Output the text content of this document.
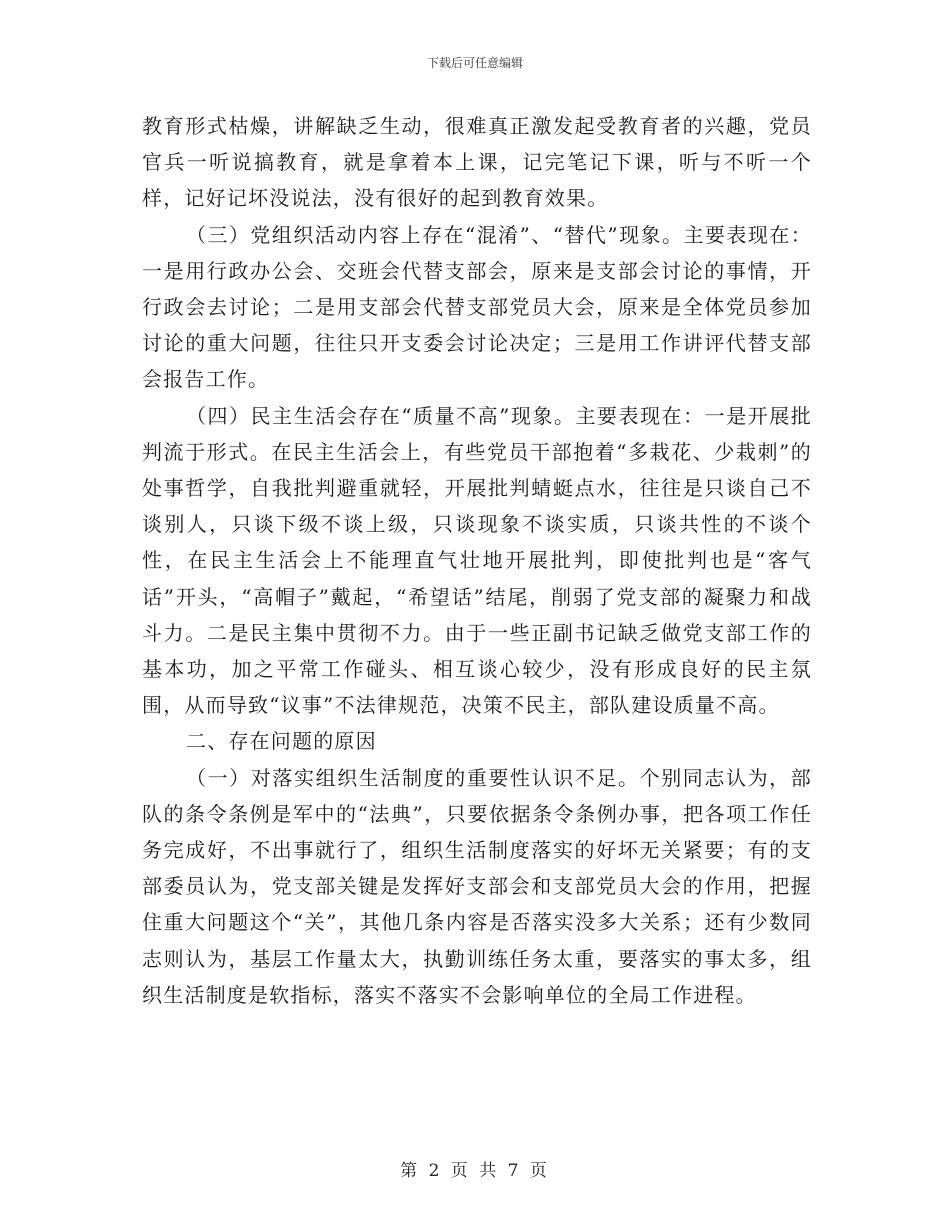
下载后可任意编辑

教育形式枯燥，讲解缺乏生动，很难真正激发起受教育者的兴趣，党员官兵一听说搞教育，就是拿着本上课，记完笔记下课，听与不听一个样，记好记坏没说法，没有很好的起到教育效果。

（三）党组织活动内容上存在“混淆”、“替代”现象。主要表现在：一是用行政办公会、交班会代替支部会，原来是支部会讨论的事情，开行政会去讨论；二是用支部会代替支部党员大会，原来是全体党员参加讨论的重大问题，往往只开支委会讨论决定；三是用工作讲评代替支部会报告工作。

（四）民主生活会存在“质量不高”现象。主要表现在：一是开展批判流于形式。在民主生活会上，有些党员干部抱着“多栽花、少栽刺”的处事哲学，自我批判避重就轻，开展批判蜻蜓点水，往往是只谈自己不谈别人，只谈下级不谈上级，只谈现象不谈实质，只谈共性的不谈个性，在民主生活会上不能理直气壮地开展批判，即使批判也是“客气话”开头，“高帽子”戴起，“希望话”结尾，削弱了党支部的凝聚力和战斗力。二是民主集中贯彻不力。由于一些正副书记缺乏做党支部工作的基本功，加之平常工作碰头、相互谈心较少，没有形成良好的民主氛围，从而导致“议事”不法律规范，决策不民主，部队建设质量不高。

二、存在问题的原因

（一）对落实组织生活制度的重要性认识不足。个别同志认为，部队的条令条例是军中的“法典”，只要依据条令条例办事，把各项工作任务完成好，不出事就行了，组织生活制度落实的好坏无关紧要；有的支部委员认为，党支部关键是发挥好支部会和支部党员大会的作用，把握住重大问题这个“关”，其他几条内容是否落实没多大关系；还有少数同志则认为，基层工作量太大，执勤训练任务太重，要落实的事太多，组织生活制度是软指标，落实不落实不会影响单位的全局工作进程。

第 2 页 共 7 页
